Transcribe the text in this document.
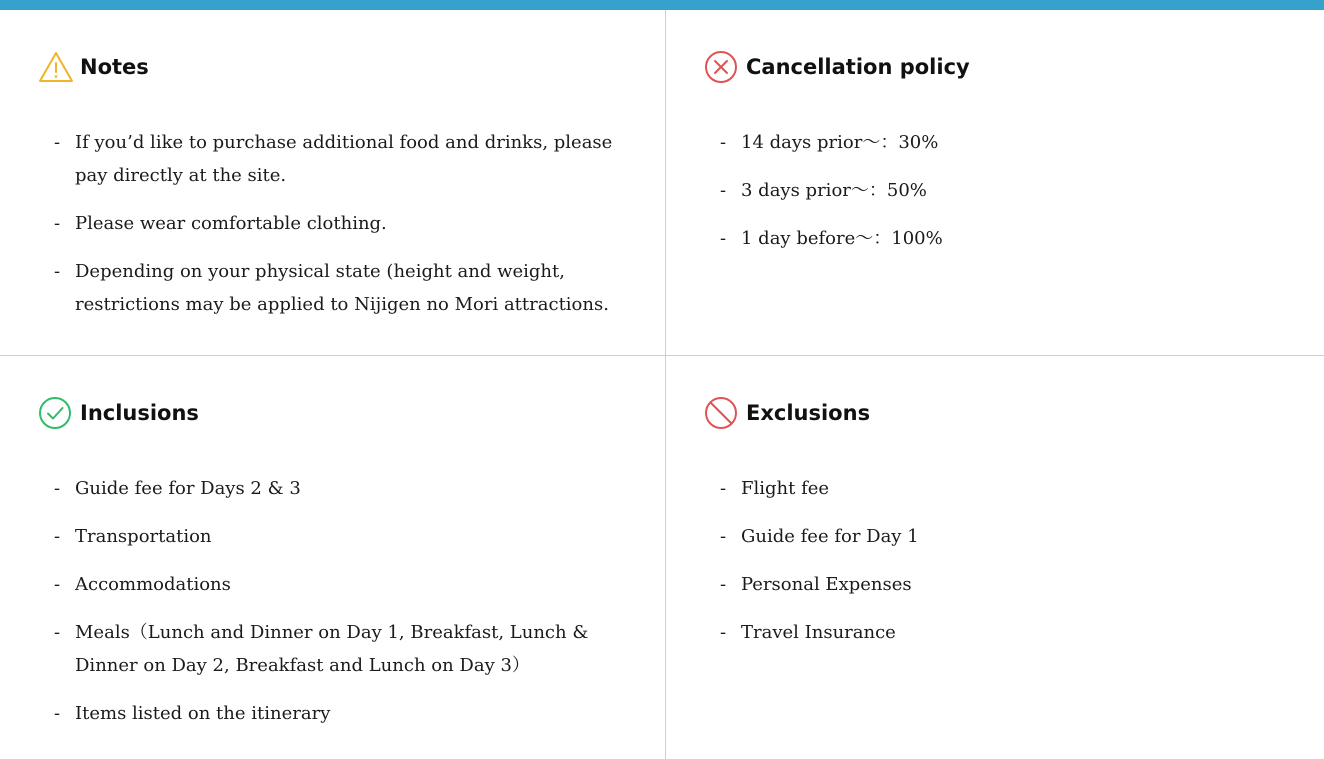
Notes
- If you’d like to purchase additional food and drinks, please pay directly at the site.
- Please wear comfortable clothing.
- Depending on your physical state (height and weight, restrictions may be applied to Nijigen no Mori attractions.
Cancellation policy
- 14 days prior～：30%
- 3 days prior～：50%
- 1 day before～：100%
Inclusions
- Guide fee for Days 2 & 3
- Transportation
- Accommodations
- Meals（Lunch and Dinner on Day 1, Breakfast, Lunch & Dinner on Day 2, Breakfast and Lunch on Day 3）
- Items listed on the itinerary
Exclusions
- Flight fee
- Guide fee for Day 1
- Personal Expenses
- Travel Insurance
